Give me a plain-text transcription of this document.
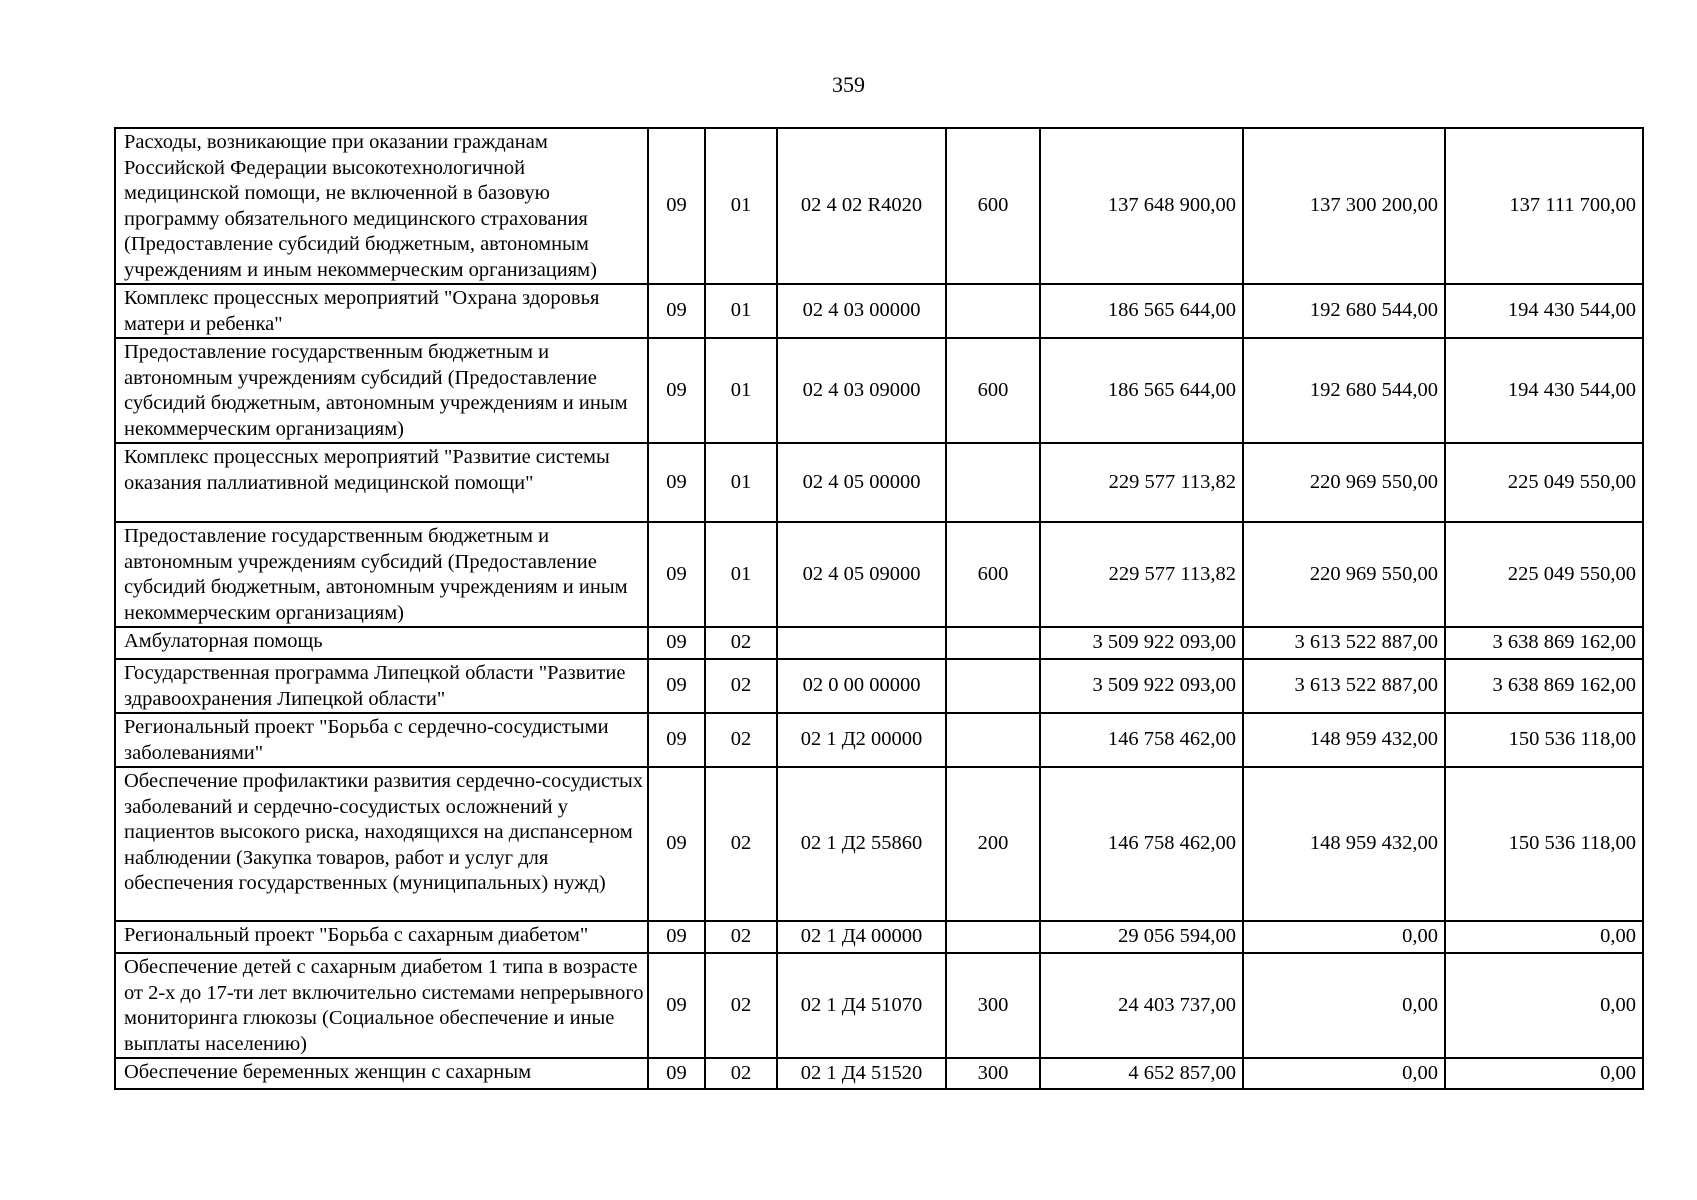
359
Расходы, возникающие при оказании гражданам Российской Федерации высокотехнологичной медицинской помощи, не включенной в базовую программу обязательного медицинского страхования (Предоставление субсидий бюджетным, автономным учреждениям и иным некоммерческим организациям)	09	01	02 4 02 R4020	600	137 648 900,00	137 300 200,00	137 111 700,00
Комплекс процессных мероприятий "Охрана здоровья матери и ребенка"	09	01	02 4 03 00000		186 565 644,00	192 680 544,00	194 430 544,00
Предоставление государственным бюджетным и автономным учреждениям субсидий (Предоставление субсидий бюджетным, автономным учреждениям и иным некоммерческим организациям)	09	01	02 4 03 09000	600	186 565 644,00	192 680 544,00	194 430 544,00
Комплекс процессных мероприятий "Развитие системы оказания паллиативной медицинской помощи"	09	01	02 4 05 00000		229 577 113,82	220 969 550,00	225 049 550,00
Предоставление государственным бюджетным и автономным учреждениям субсидий (Предоставление субсидий бюджетным, автономным учреждениям и иным некоммерческим организациям)	09	01	02 4 05 09000	600	229 577 113,82	220 969 550,00	225 049 550,00
Амбулаторная помощь	09	02			3 509 922 093,00	3 613 522 887,00	3 638 869 162,00
Государственная программа Липецкой области "Развитие здравоохранения Липецкой области"	09	02	02 0 00 00000		3 509 922 093,00	3 613 522 887,00	3 638 869 162,00
Региональный проект "Борьба с сердечно-сосудистыми заболеваниями"	09	02	02 1 Д2 00000		146 758 462,00	148 959 432,00	150 536 118,00
Обеспечение профилактики развития сердечно-сосудистых заболеваний и сердечно-сосудистых осложнений у пациентов высокого риска, находящихся на диспансерном наблюдении (Закупка товаров, работ и услуг для обеспечения государственных (муниципальных) нужд)	09	02	02 1 Д2 55860	200	146 758 462,00	148 959 432,00	150 536 118,00
Региональный проект "Борьба с сахарным диабетом"	09	02	02 1 Д4 00000		29 056 594,00	0,00	0,00
Обеспечение детей с сахарным диабетом 1 типа в возрасте от 2-х до 17-ти лет включительно системами непрерывного мониторинга глюкозы (Социальное обеспечение и иные выплаты населению)	09	02	02 1 Д4 51070	300	24 403 737,00	0,00	0,00
Обеспечение беременных женщин с сахарным	09	02	02 1 Д4 51520	300	4 652 857,00	0,00	0,00
